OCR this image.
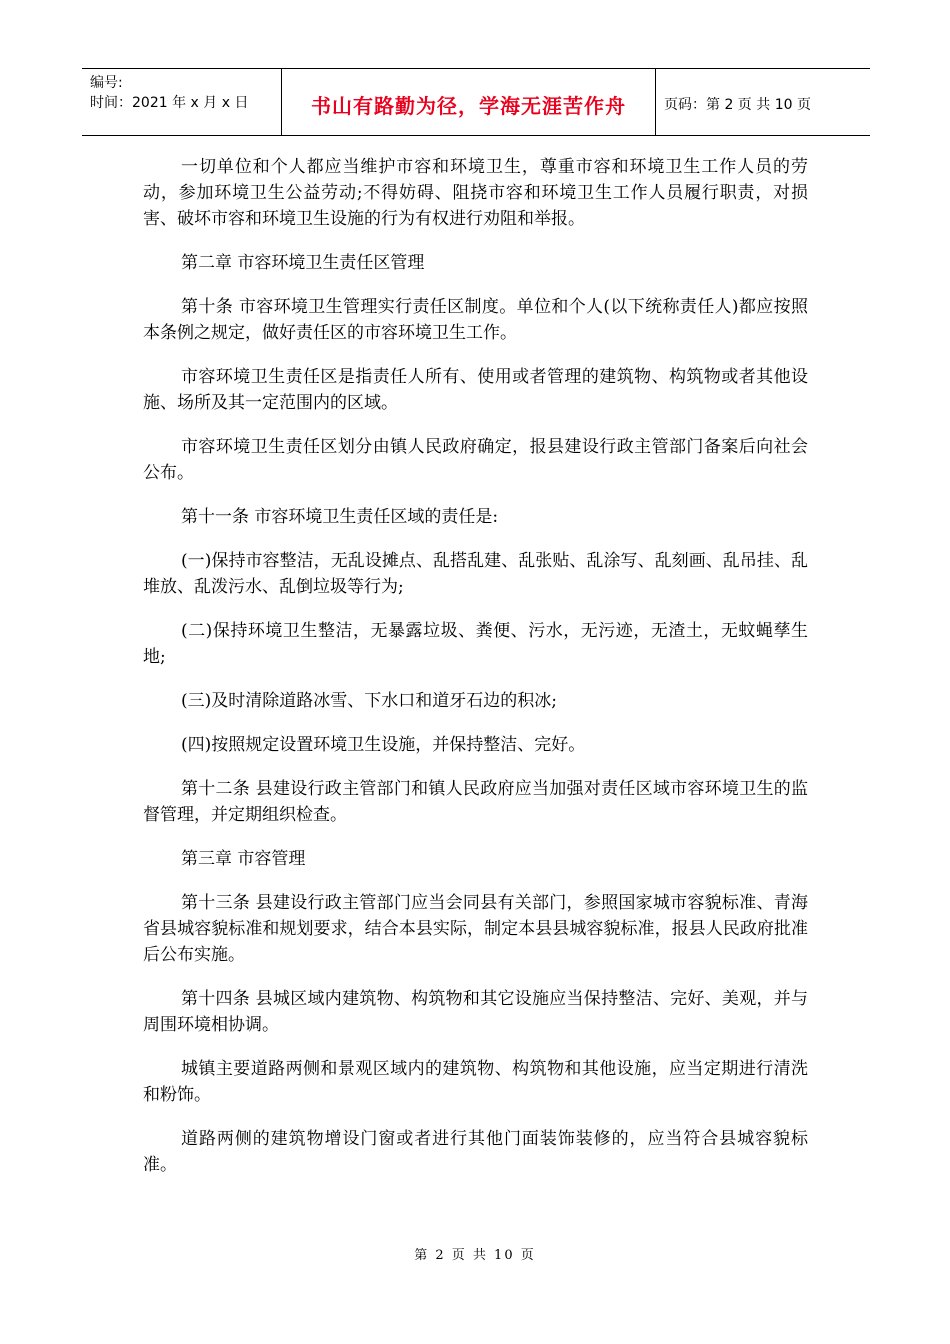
编号:
时间：2021 年 x 月 x 日	书山有路勤为径，学海无涯苦作舟	页码：第 2 页 共 10 页

一切单位和个人都应当维护市容和环境卫生，尊重市容和环境卫生工作人员的劳动，参加环境卫生公益劳动;不得妨碍、阻挠市容和环境卫生工作人员履行职责，对损害、破坏市容和环境卫生设施的行为有权进行劝阻和举报。

第二章 市容环境卫生责任区管理

第十条 市容环境卫生管理实行责任区制度。单位和个人(以下统称责任人)都应按照本条例之规定，做好责任区的市容环境卫生工作。

市容环境卫生责任区是指责任人所有、使用或者管理的建筑物、构筑物或者其他设施、场所及其一定范围内的区域。

市容环境卫生责任区划分由镇人民政府确定，报县建设行政主管部门备案后向社会公布。

第十一条 市容环境卫生责任区域的责任是:

(一)保持市容整洁，无乱设摊点、乱搭乱建、乱张贴、乱涂写、乱刻画、乱吊挂、乱堆放、乱泼污水、乱倒垃圾等行为;

(二)保持环境卫生整洁，无暴露垃圾、粪便、污水，无污迹，无渣土，无蚊蝇孳生地;

(三)及时清除道路冰雪、下水口和道牙石边的积冰;

(四)按照规定设置环境卫生设施，并保持整洁、完好。

第十二条 县建设行政主管部门和镇人民政府应当加强对责任区域市容环境卫生的监督管理，并定期组织检查。

第三章 市容管理

第十三条 县建设行政主管部门应当会同县有关部门，参照国家城市容貌标准、青海省县城容貌标准和规划要求，结合本县实际，制定本县县城容貌标准，报县人民政府批准后公布实施。

第十四条 县城区域内建筑物、构筑物和其它设施应当保持整洁、完好、美观，并与周围环境相协调。

城镇主要道路两侧和景观区域内的建筑物、构筑物和其他设施，应当定期进行清洗和粉饰。

道路两侧的建筑物增设门窗或者进行其他门面装饰装修的，应当符合县城容貌标准。

第 2 页 共 10 页
